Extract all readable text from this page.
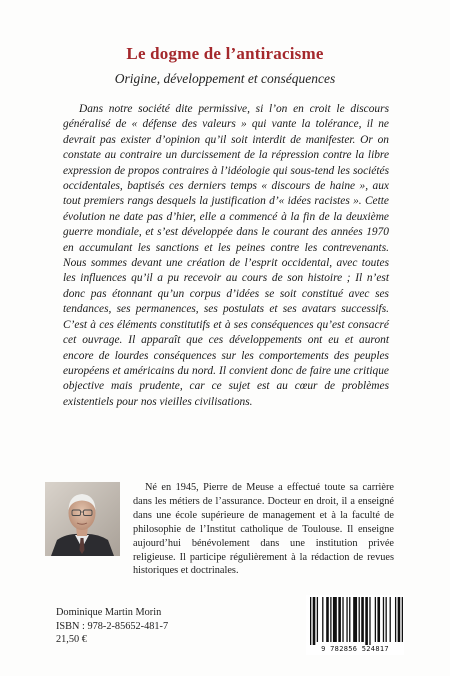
Le dogme de l’antiracisme
Origine, développement et conséquences

Dans notre société dite permissive, si l’on en croit le discours généralisé de « défense des valeurs » qui vante la tolérance, il ne devrait pas exister d’opinion qu’il soit interdit de manifester. Or on constate au contraire un durcissement de la répression contre la libre expression de propos contraires à l’idéologie qui sous-tend les sociétés occidentales, baptisés ces derniers temps « discours de haine », aux tout premiers rangs desquels la justification d’« idées racistes ». Cette évolution ne date pas d’hier, elle a commencé à la fin de la deuxième guerre mondiale, et s’est développée dans le courant des années 1970 en accumulant les sanctions et les peines contre les contrevenants. Nous sommes devant une création de l’esprit occidental, avec toutes les influences qu’il a pu recevoir au cours de son histoire ; Il n’est donc pas étonnant qu’un corpus d’idées se soit constitué avec ses tendances, ses permanences, ses postulats et ses avatars successifs. C’est à ces éléments constitutifs et à ses conséquences qu’est consacré cet ouvrage. Il apparaît que ces développements ont eu et auront encore de lourdes conséquences sur les comportements des peuples européens et américains du nord. Il convient donc de faire une critique objective mais prudente, car ce sujet est au cœur de problèmes existentiels pour nos vieilles civilisations.

Né en 1945, Pierre de Meuse a effectué toute sa carrière dans les métiers de l’assurance. Docteur en droit, il a enseigné dans une école supérieure de management et à la faculté de philosophie de l’Institut catholique de Toulouse. Il enseigne aujourd’hui bénévolement dans une institution privée religieuse. Il participe régulièrement à la rédaction de revues historiques et doctrinales.

Dominique Martin Morin
ISBN : 978-2-85652-481-7
21,50 €
9 782856 524817
